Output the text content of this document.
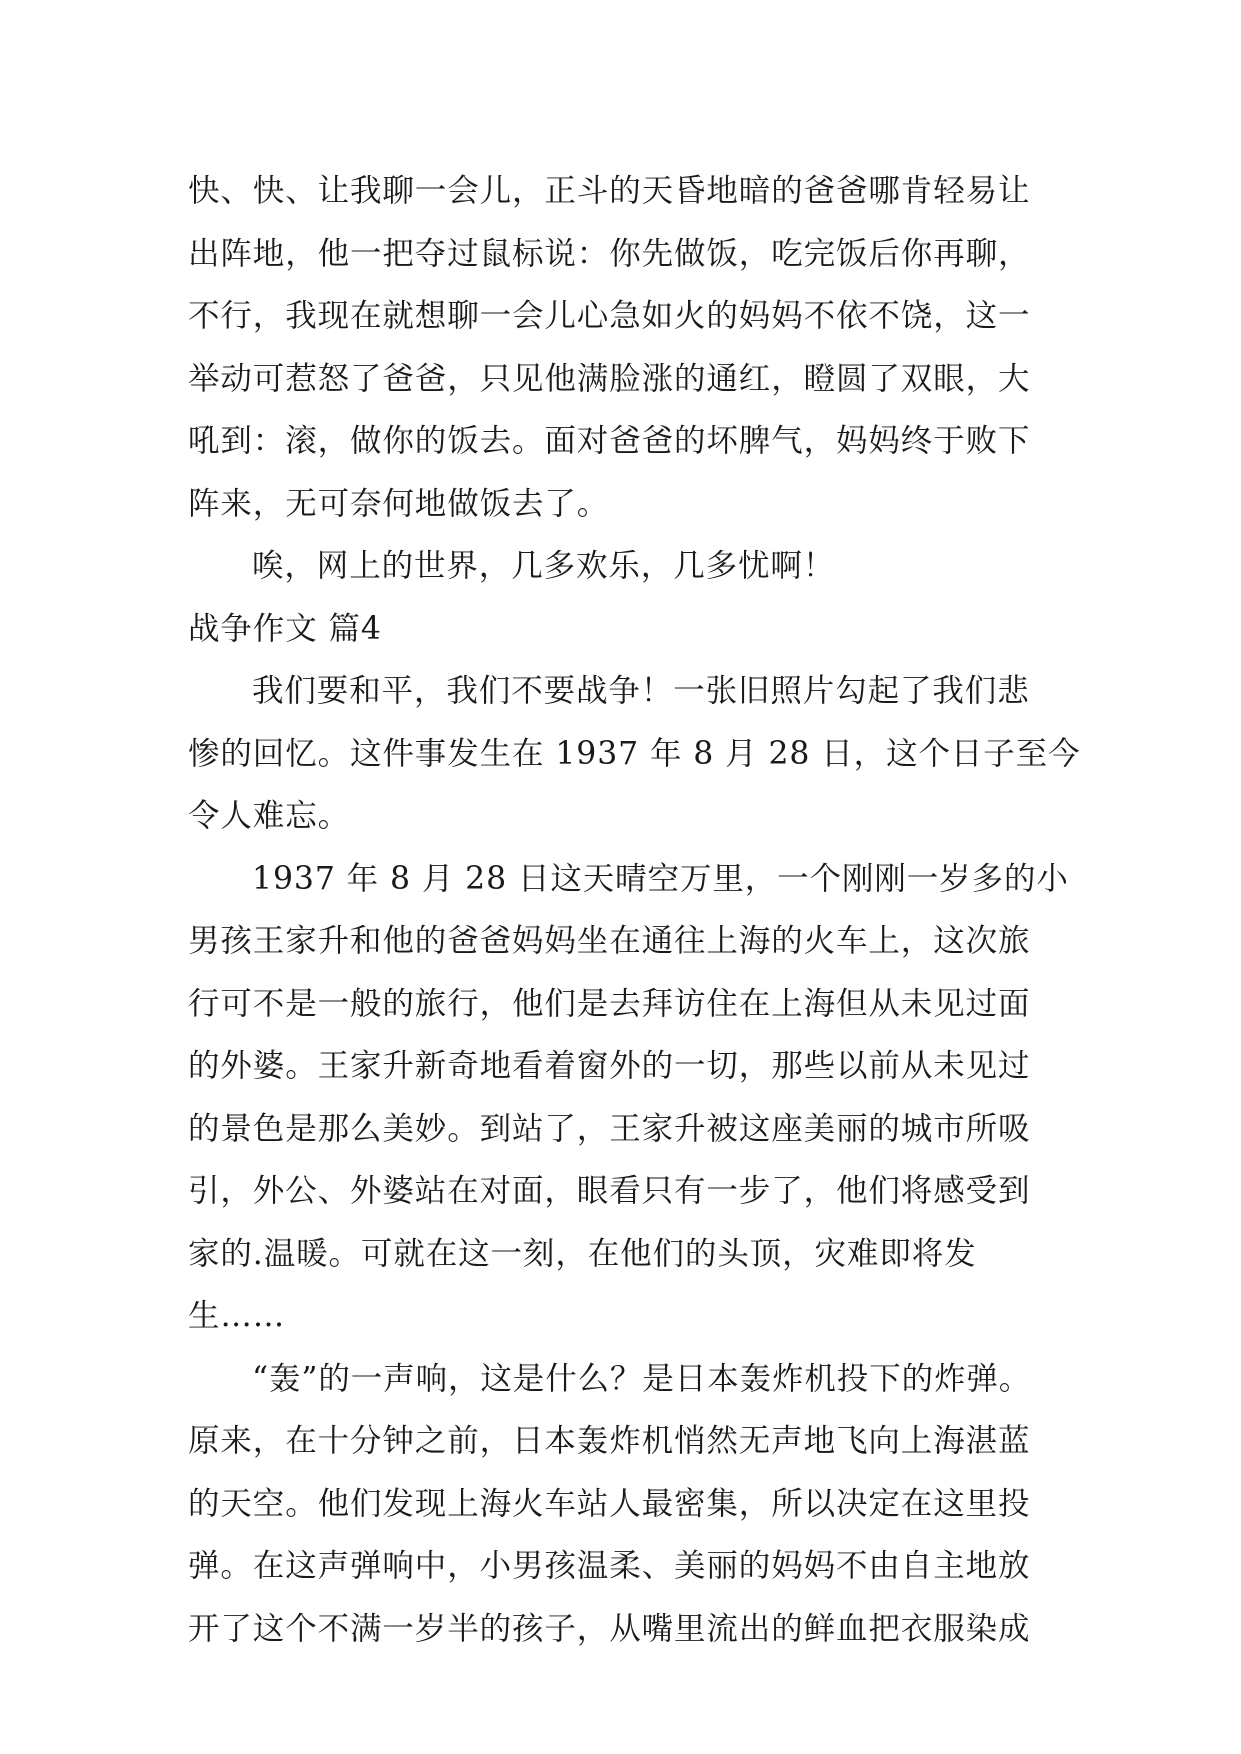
快、快、让我聊一会儿，正斗的天昏地暗的爸爸哪肯轻易让
出阵地，他一把夺过鼠标说：你先做饭，吃完饭后你再聊，
不行，我现在就想聊一会儿心急如火的妈妈不依不饶，这一
举动可惹怒了爸爸，只见他满脸涨的通红，瞪圆了双眼，大
吼到：滚，做你的饭去。面对爸爸的坏脾气，妈妈终于败下
阵来，无可奈何地做饭去了。
唉，网上的世界，几多欢乐，几多忧啊！
战争作文 篇4
我们要和平，我们不要战争！一张旧照片勾起了我们悲
惨的回忆。这件事发生在 1937 年 8 月 28 日，这个日子至今
令人难忘。
1937 年 8 月 28 日这天晴空万里，一个刚刚一岁多的小
男孩王家升和他的爸爸妈妈坐在通往上海的火车上，这次旅
行可不是一般的旅行，他们是去拜访住在上海但从未见过面
的外婆。王家升新奇地看着窗外的一切，那些以前从未见过
的景色是那么美妙。到站了，王家升被这座美丽的城市所吸
引，外公、外婆站在对面，眼看只有一步了，他们将感受到
家的.温暖。可就在这一刻，在他们的头顶，灾难即将发
生……
“轰”的一声响，这是什么？是日本轰炸机投下的炸弹。
原来，在十分钟之前，日本轰炸机悄然无声地飞向上海湛蓝
的天空。他们发现上海火车站人最密集，所以决定在这里投
弹。在这声弹响中，小男孩温柔、美丽的妈妈不由自主地放
开了这个不满一岁半的孩子，从嘴里流出的鲜血把衣服染成
